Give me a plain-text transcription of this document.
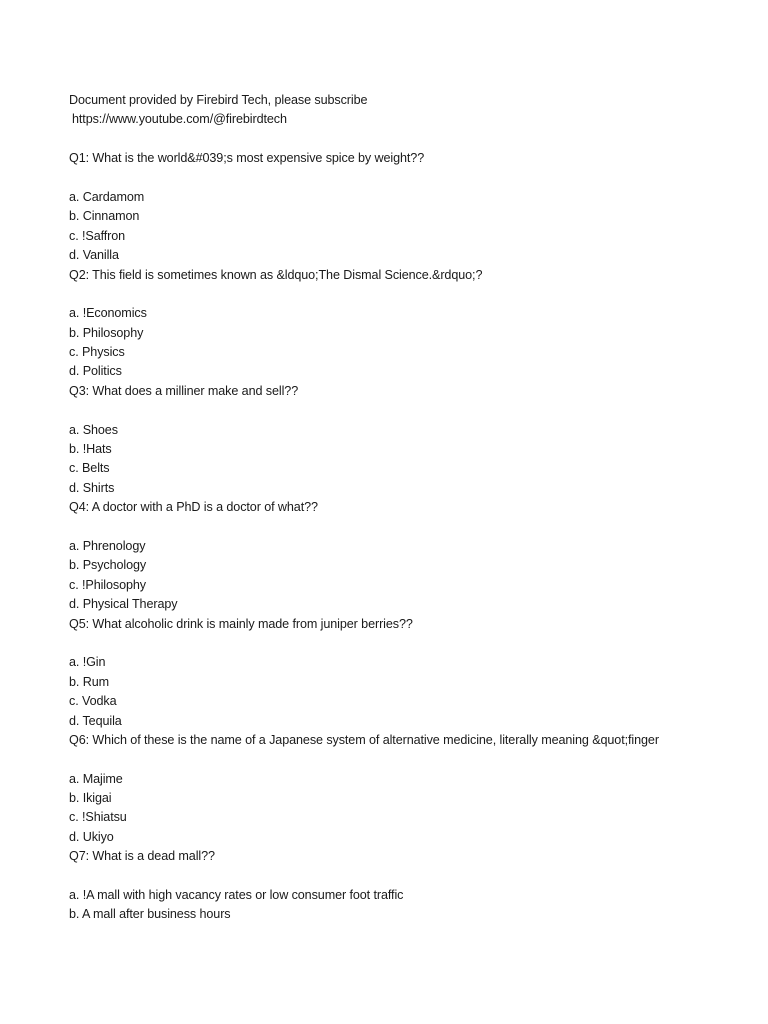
Document provided by Firebird Tech, please subscribe
https://www.youtube.com/@firebirdtech
Q1: What is the world&#039;s most expensive spice by weight??
a. Cardamom
b. Cinnamon
c. !Saffron
d. Vanilla
Q2: This field is sometimes known as &ldquo;The Dismal Science.&rdquo;?
a. !Economics
b. Philosophy
c. Physics
d. Politics
Q3: What does a milliner make and sell??
a. Shoes
b. !Hats
c. Belts
d. Shirts
Q4: A doctor with a PhD is a doctor of what??
a. Phrenology
b. Psychology
c. !Philosophy
d. Physical Therapy
Q5: What alcoholic drink is mainly made from juniper berries??
a. !Gin
b. Rum
c. Vodka
d. Tequila
Q6: Which of these is the name of a Japanese system of alternative medicine, literally meaning &quot;finger
a. Majime
b. Ikigai
c. !Shiatsu
d. Ukiyo
Q7: What is a dead mall??
a. !A mall with high vacancy rates or low consumer foot traffic
b. A mall after business hours
